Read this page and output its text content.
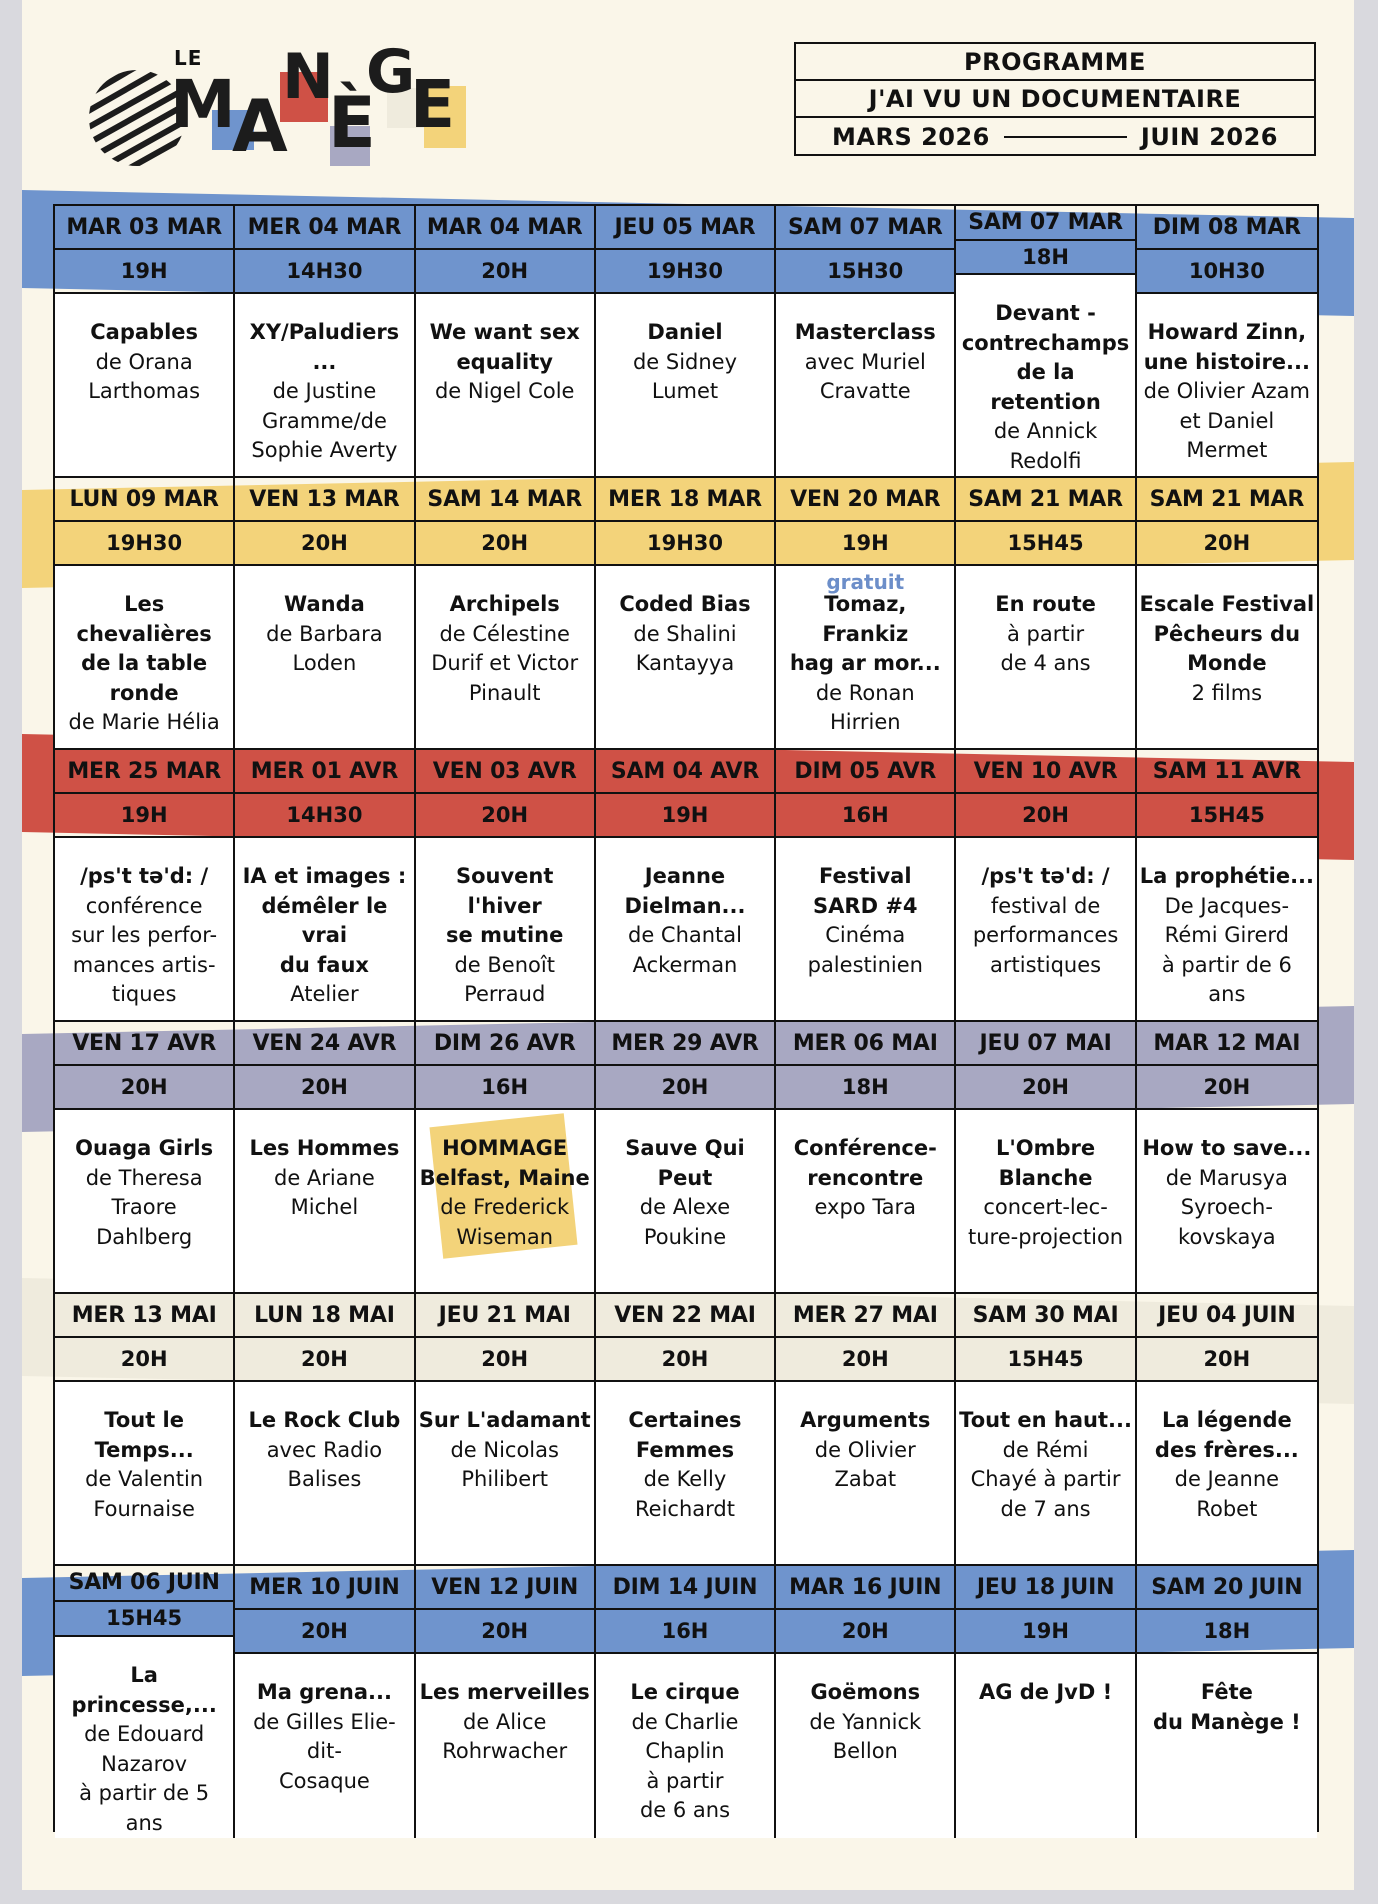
LE
M
A
N
È
G
E
PROGRAMME
J'AI VU UN DOCUMENTAIRE
MARS 2026	JUIN 2026
MAR 03 MAR
19H
Capables
de Orana
Larthomas
MER 04 MAR
14H30
XY/Paludiers ...
de Justine
Gramme/de
Sophie Averty
MAR 04 MAR
20H
We want sex
equality
de Nigel Cole
JEU 05 MAR
19H30
Daniel
de Sidney
Lumet
SAM 07 MAR
15H30
Masterclass
avec Muriel
Cravatte
SAM 07 MAR
18H
Devant -
contrechamps
de la retention
de Annick
Redolfi
DIM 08 MAR
10H30
Howard Zinn,
une histoire...
de Olivier Azam
et Daniel
Mermet
LUN 09 MAR
19H30
Les chevalières
de la table
ronde
de Marie Hélia
VEN 13 MAR
20H
Wanda
de Barbara
Loden
SAM 14 MAR
20H
Archipels
de Célestine
Durif et Victor
Pinault
MER 18 MAR
19H30
Coded Bias
de Shalini
Kantayya
VEN 20 MAR
19H
gratuit
Tomaz, Frankiz
hag ar mor...
de Ronan
Hirrien
SAM 21 MAR
15H45
En route
à partir
de 4 ans
SAM 21 MAR
20H
Escale Festival
Pêcheurs du
Monde
2 films
MER 25 MAR
19H
/ps't tə'd: /
conférence
sur les perfor-
mances artis-
tiques
MER 01 AVR
14H30
IA et images :
démêler le vrai
du faux
Atelier
VEN 03 AVR
20H
Souvent l'hiver
se mutine
de Benoît
Perraud
SAM 04 AVR
19H
Jeanne
Dielman...
de Chantal
Ackerman
DIM 05 AVR
16H
Festival
SARD #4
Cinéma
palestinien
VEN 10 AVR
20H
/ps't tə'd: /
festival de
performances
artistiques
SAM 11 AVR
15H45
La prophétie...
De Jacques-
Rémi Girerd
à partir de 6
ans
VEN 17 AVR
20H
Ouaga Girls
de Theresa
Traore
Dahlberg
VEN 24 AVR
20H
Les Hommes
de Ariane
Michel
DIM 26 AVR
16H
HOMMAGE
Belfast, Maine
de Frederick
Wiseman
MER 29 AVR
20H
Sauve Qui
Peut
de Alexe
Poukine
MER 06 MAI
18H
Conférence-
rencontre
expo Tara
JEU 07 MAI
20H
L'Ombre
Blanche
concert-lec-
ture-projection
MAR 12 MAI
20H
How to save...
de Marusya
Syroech-
kovskaya
MER 13 MAI
20H
Tout le Temps...
de Valentin
Fournaise
LUN 18 MAI
20H
Le Rock Club
avec Radio
Balises
JEU 21 MAI
20H
Sur L'adamant
de Nicolas
Philibert
VEN 22 MAI
20H
Certaines
Femmes
de Kelly
Reichardt
MER 27 MAI
20H
Arguments
de Olivier
Zabat
SAM 30 MAI
15H45
Tout en haut...
de Rémi
Chayé à partir
de 7 ans
JEU 04 JUIN
20H
La légende
des frères...
de Jeanne
Robet
SAM 06 JUIN
15H45
La princesse,...
de Edouard
Nazarov
à partir de 5
ans
MER 10 JUIN
20H
Ma grena...
de Gilles Elie-
dit-
Cosaque
VEN 12 JUIN
20H
Les merveilles
de Alice
Rohrwacher
DIM 14 JUIN
16H
Le cirque
de Charlie
Chaplin
à partir
de 6 ans
MAR 16 JUIN
20H
Goëmons
de Yannick
Bellon
JEU 18 JUIN
19H
AG de JvD !
SAM 20 JUIN
18H
Fête
du Manège !
